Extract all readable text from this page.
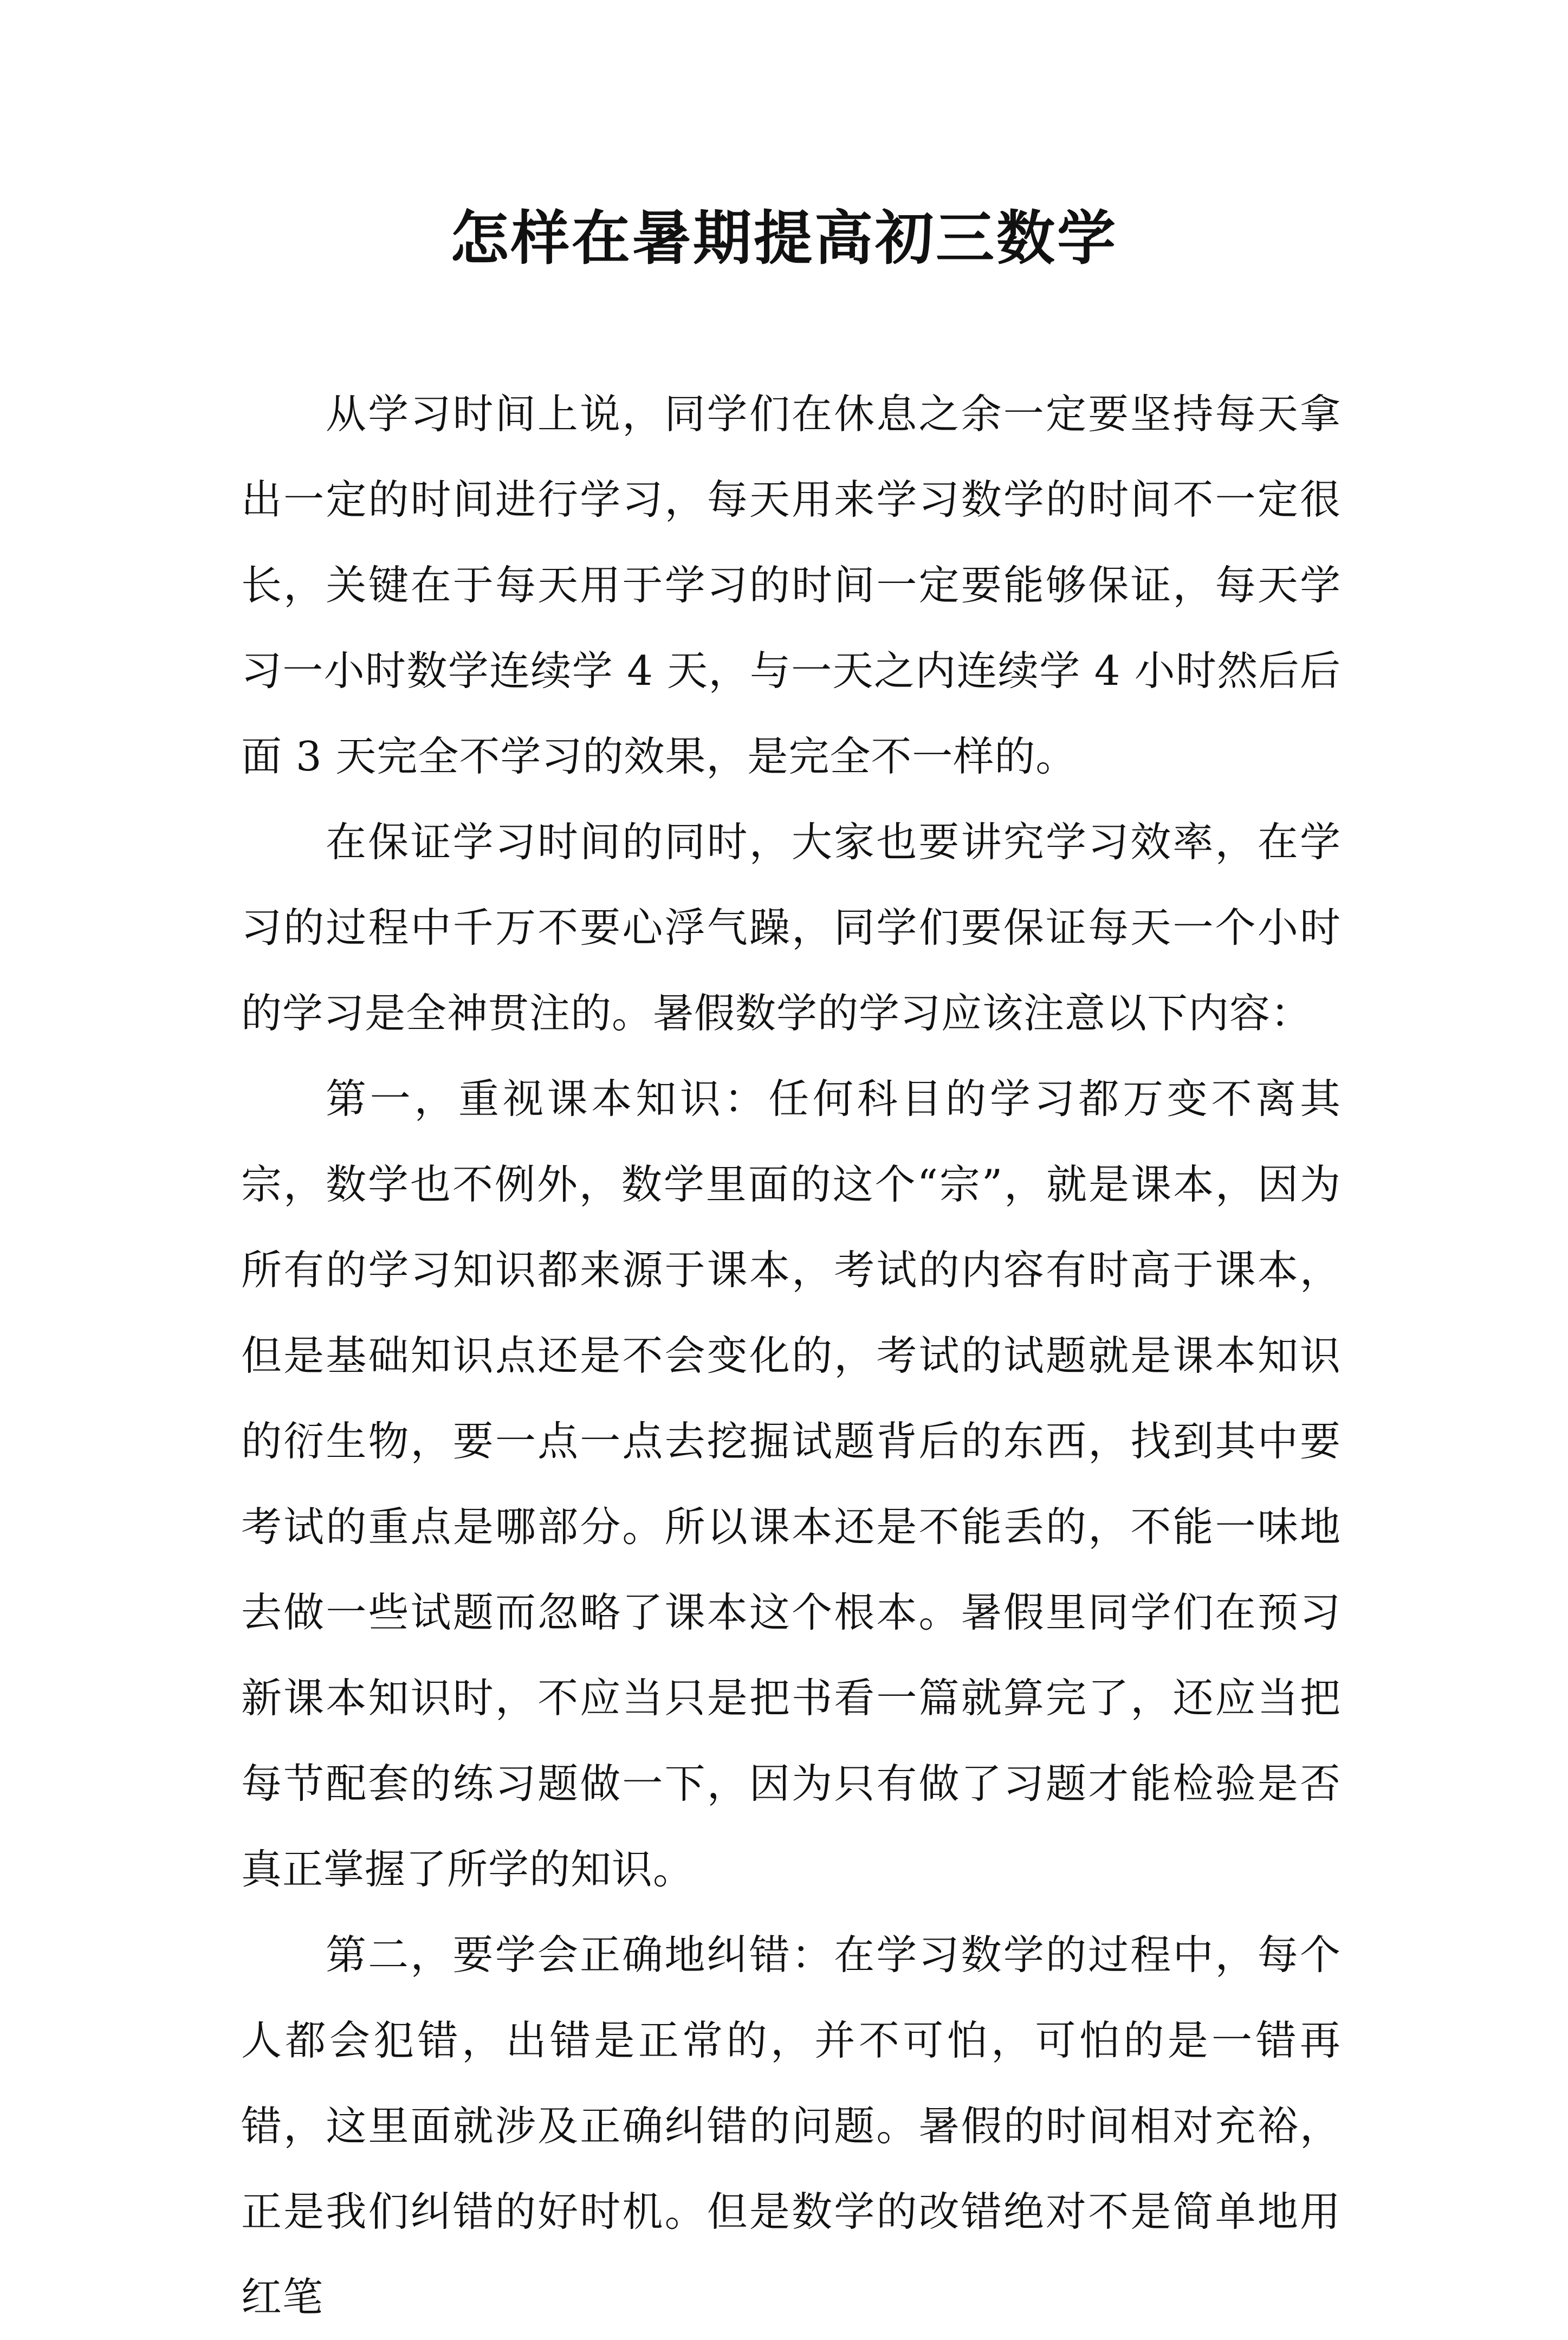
怎样在暑期提高初三数学

从学习时间上说，同学们在休息之余一定要坚持每天拿出一定的时间进行学习，每天用来学习数学的时间不一定很长，关键在于每天用于学习的时间一定要能够保证，每天学习一小时数学连续学 4 天，与一天之内连续学 4 小时然后后面 3 天完全不学习的效果，是完全不一样的。

在保证学习时间的同时，大家也要讲究学习效率，在学习的过程中千万不要心浮气躁，同学们要保证每天一个小时的学习是全神贯注的。暑假数学的学习应该注意以下内容：

第一，重视课本知识：任何科目的学习都万变不离其宗，数学也不例外，数学里面的这个“宗”，就是课本，因为所有的学习知识都来源于课本，考试的内容有时高于课本，但是基础知识点还是不会变化的，考试的试题就是课本知识的衍生物，要一点一点去挖掘试题背后的东西，找到其中要考试的重点是哪部分。所以课本还是不能丢的，不能一味地去做一些试题而忽略了课本这个根本。暑假里同学们在预习新课本知识时，不应当只是把书看一篇就算完了，还应当把每节配套的练习题做一下，因为只有做了习题才能检验是否真正掌握了所学的知识。

第二，要学会正确地纠错：在学习数学的过程中，每个人都会犯错，出错是正常的，并不可怕，可怕的是一错再错，这里面就涉及正确纠错的问题。暑假的时间相对充裕，正是我们纠错的好时机。但是数学的改错绝对不是简单地用红笔
